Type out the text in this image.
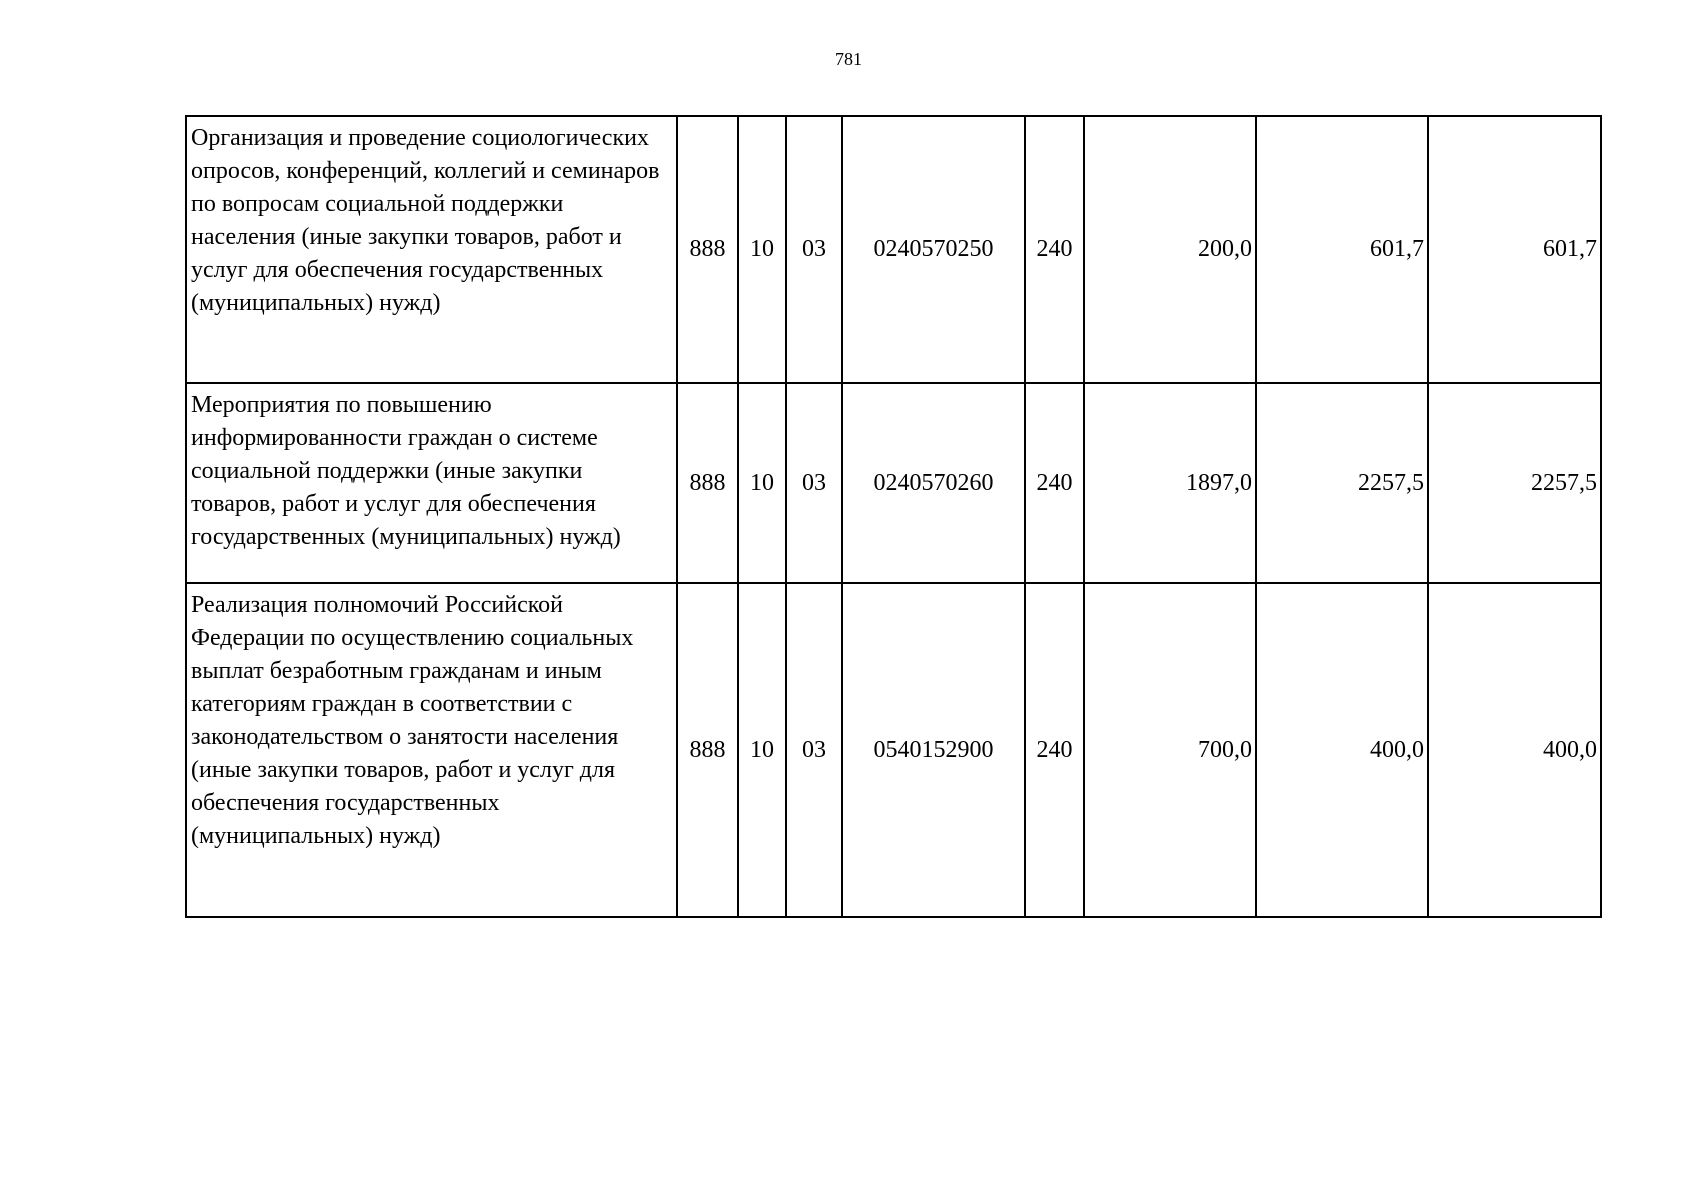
781
Организация и проведение социологических опросов, конференций, коллегий и семинаров по вопросам социальной поддержки населения (иные закупки товаров, работ и услуг для обеспечения государственных (муниципальных) нужд)	888	10	03	0240570250	240	200,0	601,7	601,7
Мероприятия по повышению информированности граждан о системе социальной поддержки (иные закупки товаров, работ и услуг для обеспечения государственных (муниципальных) нужд)	888	10	03	0240570260	240	1897,0	2257,5	2257,5
Реализация полномочий Российской Федерации по осуществлению социальных выплат безработным гражданам и иным категориям граждан в соответствии с законодательством о занятости населения (иные закупки товаров, работ и услуг для обеспечения государственных (муниципальных) нужд)	888	10	03	0540152900	240	700,0	400,0	400,0
